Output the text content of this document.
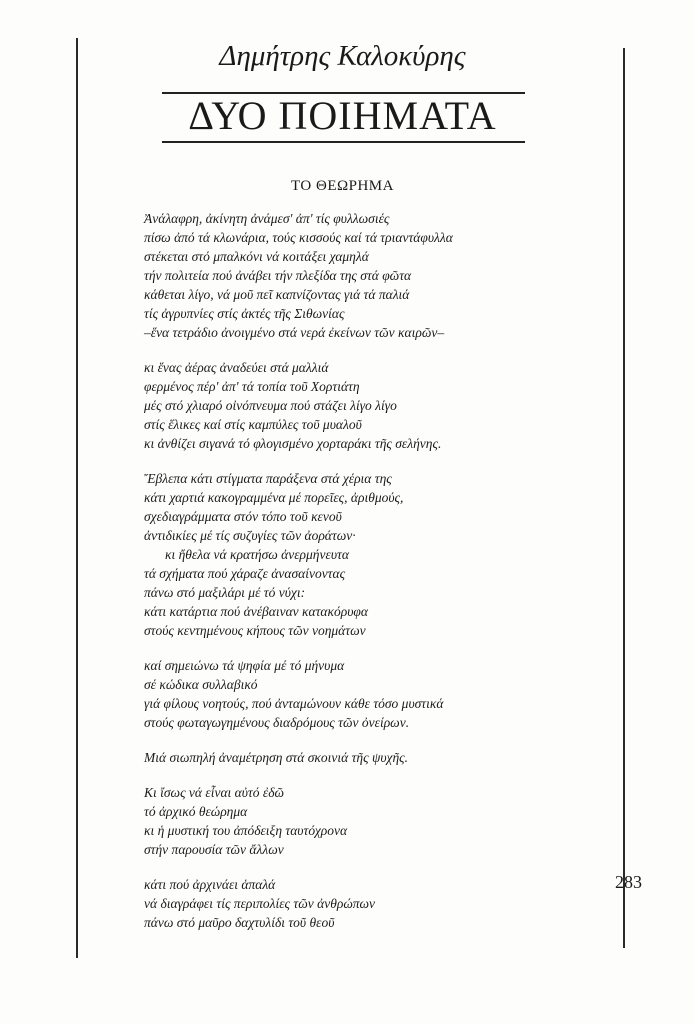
Δημήτρης Καλοκύρης
ΔΥΟ ΠΟΙΗΜΑΤΑ
ΤΟ ΘΕΩΡΗΜΑ
Ἀνάλαφρη, ἀκίνητη ἀνάμεσ' ἀπ' τίς φυλλωσιές
πίσω ἀπό τά κλωνάρια, τούς κισσούς καί τά τριαντάφυλλα
στέκεται στό μπαλκόνι νά κοιτάξει χαμηλά
τήν πολιτεία πού ἀνάβει τήν πλεξίδα της στά φῶτα
κάθεται λίγο, νά μοῦ πεῖ καπνίζοντας γιά τά παλιά
τίς ἀγρυπνίες στίς ἀκτές τῆς Σιθωνίας
–ἕνα τετράδιο ἀνοιγμένο στά νερά ἐκείνων τῶν καιρῶν–
κι ἕνας ἀέρας ἀναδεύει στά μαλλιά
φερμένος πέρ' ἀπ' τά τοπία τοῦ Χορτιάτη
μές στό χλιαρό οἰνόπνευμα πού στάζει λίγο λίγο
στίς ἕλικες καί στίς καμπύλες τοῦ μυαλοῦ
κι ἀνθίζει σιγανά τό φλογισμένο χορταράκι τῆς σελήνης.
Ἔβλεπα κάτι στίγματα παράξενα στά χέρια της
κάτι χαρτιά κακογραμμένα μέ πορεῖες, ἀριθμούς,
σχεδιαγράμματα στόν τόπο τοῦ κενοῦ
ἀντιδικίες μέ τίς συζυγίες τῶν ἀοράτων·
κι ἤθελα νά κρατήσω ἀνερμήνευτα
τά σχήματα πού χάραζε ἀνασαίνοντας
πάνω στό μαξιλάρι μέ τό νύχι:
κάτι κατάρτια πού ἀνέβαιναν κατακόρυφα
στούς κεντημένους κήπους τῶν νοημάτων
καί σημειώνω τά ψηφία μέ τό μήνυμα
σέ κώδικα συλλαβικό
γιά φίλους νοητούς, πού ἀνταμώνουν κάθε τόσο μυστικά
στούς φωταγωγημένους διαδρόμους τῶν ὀνείρων.
Μιά σιωπηλή ἀναμέτρηση στά σκοινιά τῆς ψυχῆς.
Κι ἴσως νά εἶναι αὐτό ἐδῶ
τό ἀρχικό θεώρημα
κι ἡ μυστική του ἀπόδειξη ταυτόχρονα
στήν παρουσία τῶν ἄλλων
κάτι πού ἀρχινάει ἁπαλά
νά διαγράφει τίς περιπολίες τῶν ἀνθρώπων
πάνω στό μαῦρο δαχτυλίδι τοῦ θεοῦ
283
